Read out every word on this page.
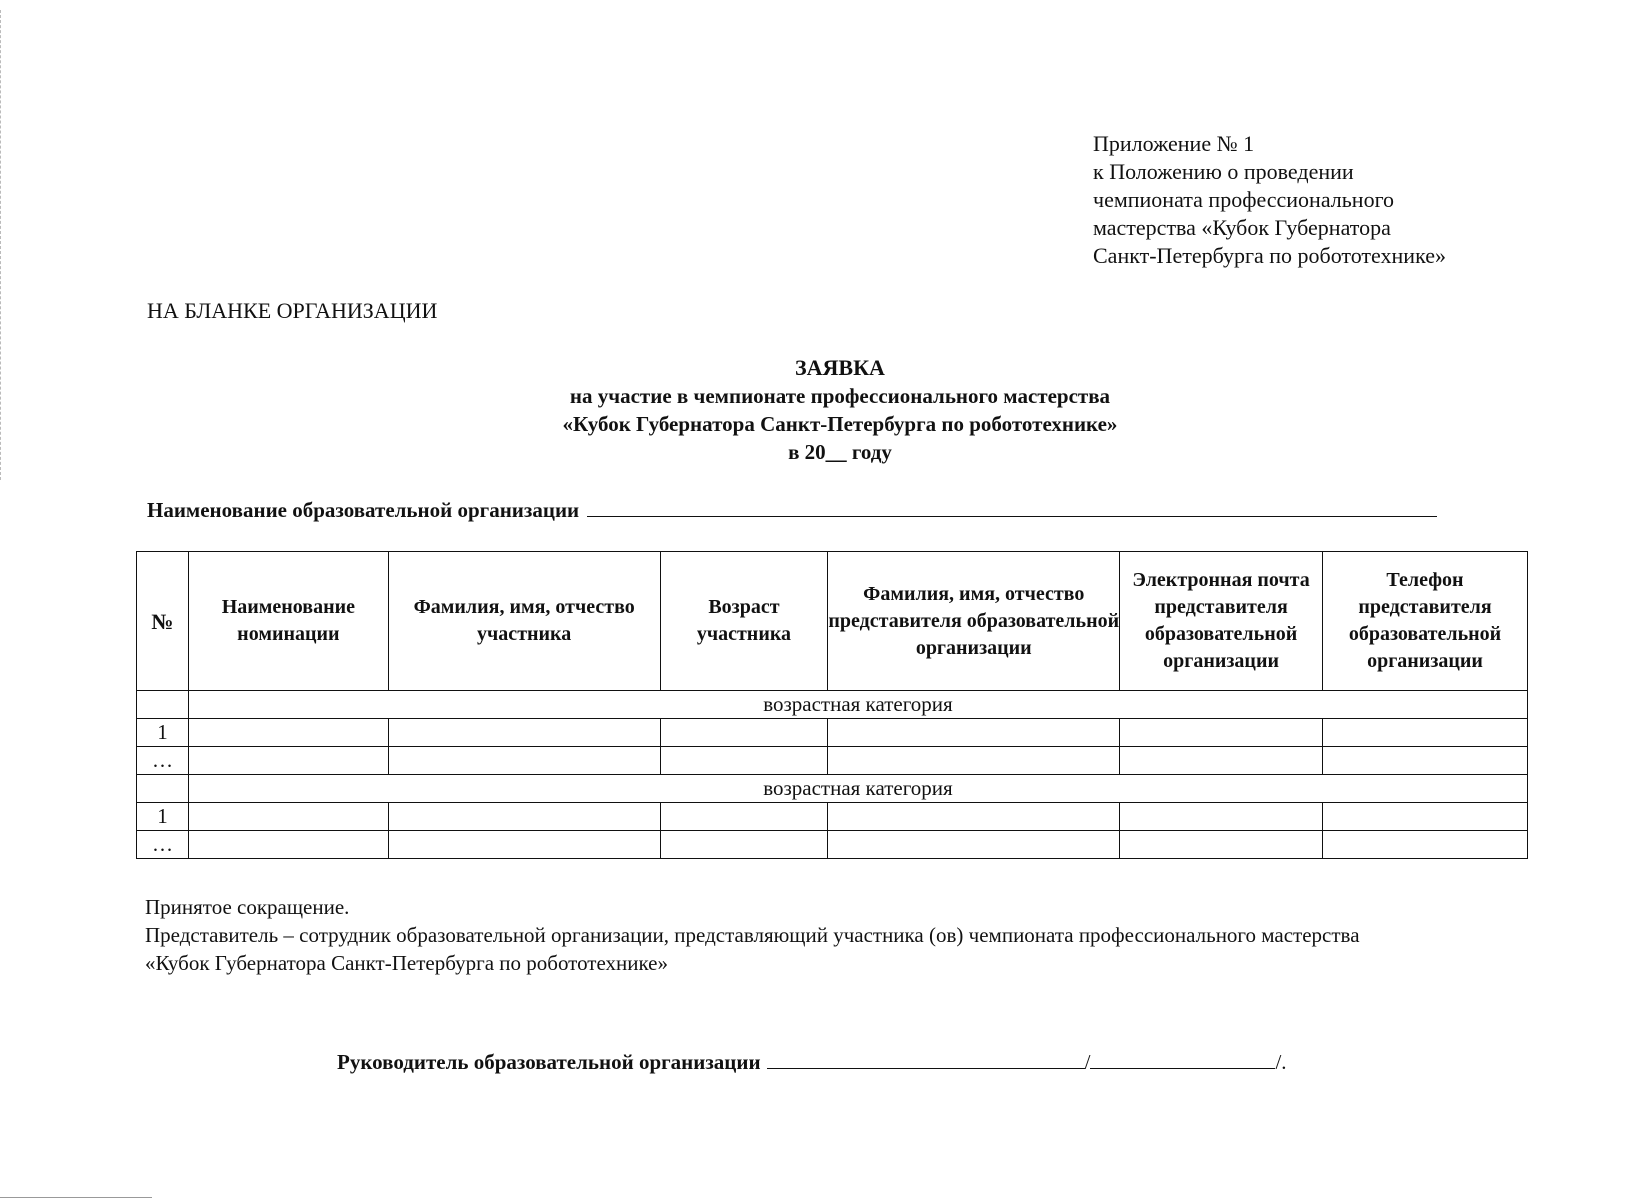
Приложение № 1
к Положению о проведении
чемпионата профессионального
мастерства «Кубок Губернатора
Санкт-Петербурга по робототехнике»
НА БЛАНКЕ ОРГАНИЗАЦИИ
ЗАЯВКА
на участие в чемпионате профессионального мастерства
«Кубок Губернатора Санкт-Петербурга по робототехнике»
в 20__ году
Наименование образовательной организации
№	Наименование номинации	Фамилия, имя, отчество участника	Возраст участника	Фамилия, имя, отчество представителя образовательной организации	Электронная почта представителя образовательной организации	Телефон представителя образовательной организации
	возрастная категория					
1						
…						
	возрастная категория					
1						
…						
Принятое сокращение.
Представитель – сотрудник образовательной организации, представляющий участника (ов) чемпионата профессионального мастерства
«Кубок Губернатора Санкт-Петербурга по робототехнике»
Руководитель образовательной организации	/	/.
